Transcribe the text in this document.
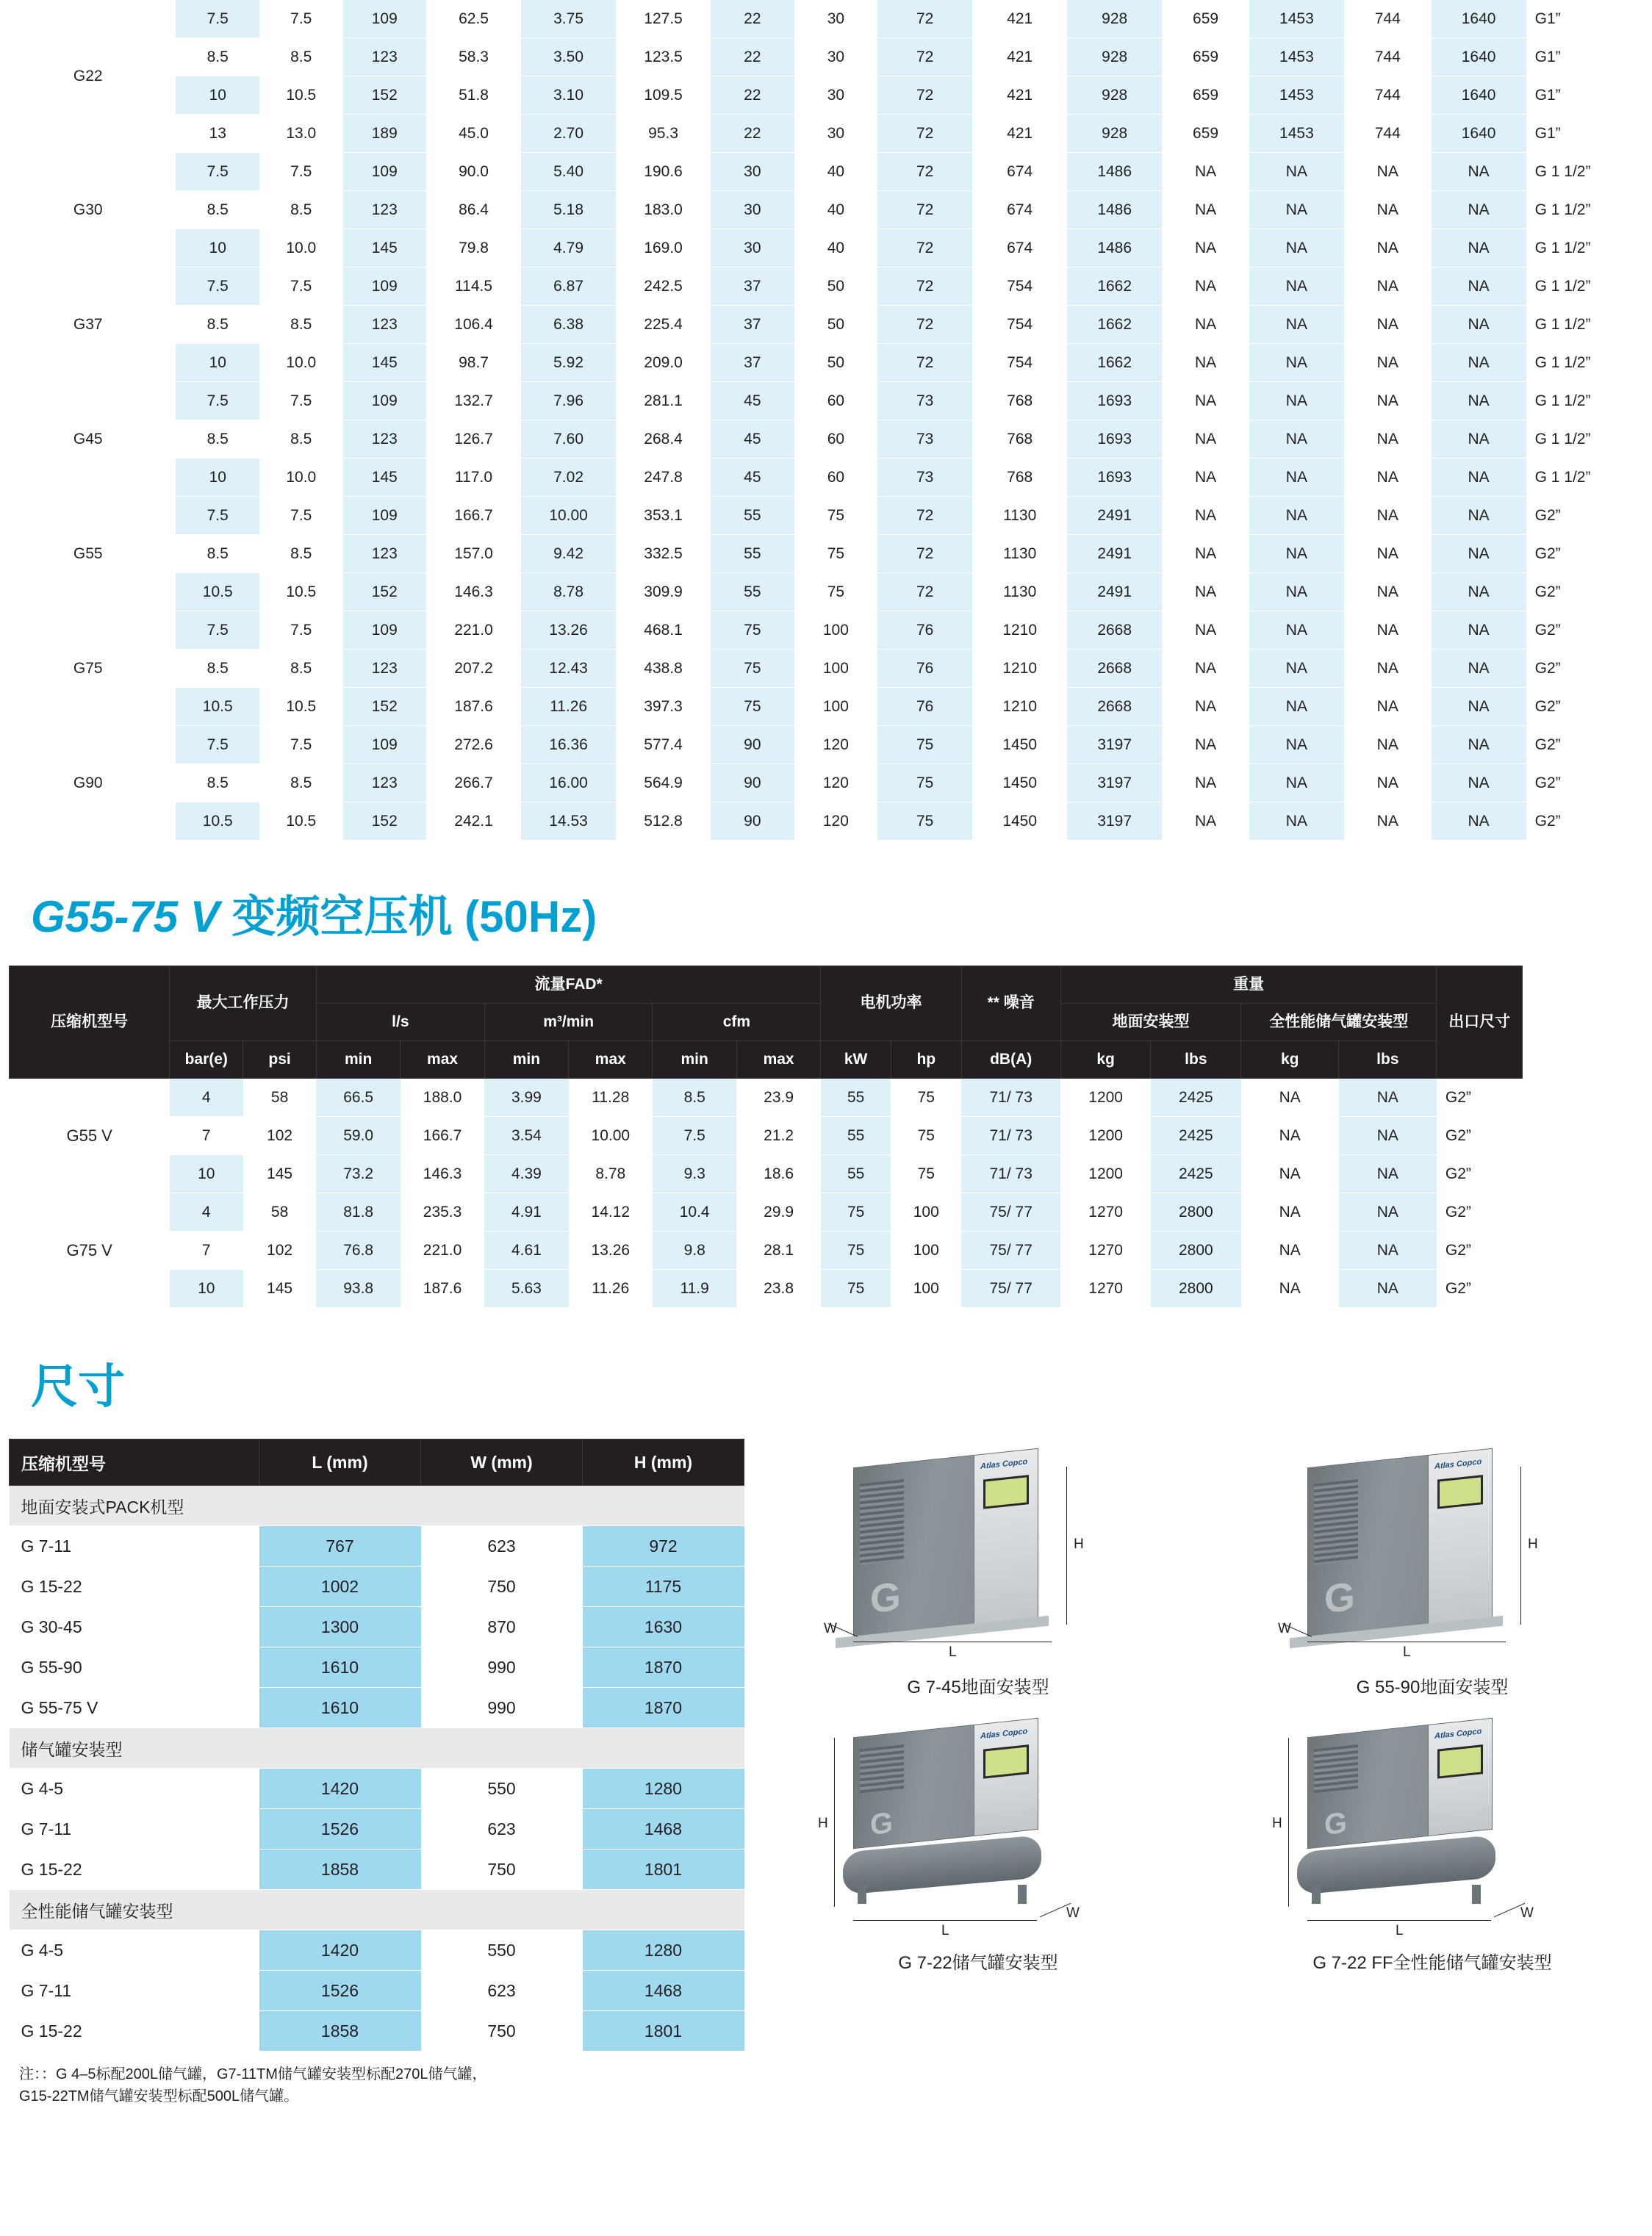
G22	7.5	7.5	109	62.5	3.75	127.5	22	30	72	421	928	659	1453	744	1640	G1”
	8.5	8.5	123	58.3	3.50	123.5	22	30	72	421	928	659	1453	744	1640	G1”
	10	10.5	152	51.8	3.10	109.5	22	30	72	421	928	659	1453	744	1640	G1”
	13	13.0	189	45.0	2.70	95.3	22	30	72	421	928	659	1453	744	1640	G1”
G30	7.5	7.5	109	90.0	5.40	190.6	30	40	72	674	1486	NA	NA	NA	NA	G 1 1/2”
	8.5	8.5	123	86.4	5.18	183.0	30	40	72	674	1486	NA	NA	NA	NA	G 1 1/2”
	10	10.0	145	79.8	4.79	169.0	30	40	72	674	1486	NA	NA	NA	NA	G 1 1/2”
G37	7.5	7.5	109	114.5	6.87	242.5	37	50	72	754	1662	NA	NA	NA	NA	G 1 1/2”
	8.5	8.5	123	106.4	6.38	225.4	37	50	72	754	1662	NA	NA	NA	NA	G 1 1/2”
	10	10.0	145	98.7	5.92	209.0	37	50	72	754	1662	NA	NA	NA	NA	G 1 1/2”
G45	7.5	7.5	109	132.7	7.96	281.1	45	60	73	768	1693	NA	NA	NA	NA	G 1 1/2”
	8.5	8.5	123	126.7	7.60	268.4	45	60	73	768	1693	NA	NA	NA	NA	G 1 1/2”
	10	10.0	145	117.0	7.02	247.8	45	60	73	768	1693	NA	NA	NA	NA	G 1 1/2”
G55	7.5	7.5	109	166.7	10.00	353.1	55	75	72	1130	2491	NA	NA	NA	NA	G2”
	8.5	8.5	123	157.0	9.42	332.5	55	75	72	1130	2491	NA	NA	NA	NA	G2”
	10.5	10.5	152	146.3	8.78	309.9	55	75	72	1130	2491	NA	NA	NA	NA	G2”
G75	7.5	7.5	109	221.0	13.26	468.1	75	100	76	1210	2668	NA	NA	NA	NA	G2”
	8.5	8.5	123	207.2	12.43	438.8	75	100	76	1210	2668	NA	NA	NA	NA	G2”
	10.5	10.5	152	187.6	11.26	397.3	75	100	76	1210	2668	NA	NA	NA	NA	G2”
G90	7.5	7.5	109	272.6	16.36	577.4	90	120	75	1450	3197	NA	NA	NA	NA	G2”
	8.5	8.5	123	266.7	16.00	564.9	90	120	75	1450	3197	NA	NA	NA	NA	G2”
	10.5	10.5	152	242.1	14.53	512.8	90	120	75	1450	3197	NA	NA	NA	NA	G2”
G55-75 V 变频空压机 (50Hz)
压缩机型号	最大工作压力		流量FAD*						电机功率		** 噪音	重量				出口尺寸
			l/s		m³/min		cfm					地面安装型		全性能储气罐安装型		
	bar(e)	psi	min	max	min	max	min	max	kW	hp	dB(A)	kg	lbs	kg	lbs	
G55 V	4	58	66.5	188.0	3.99	11.28	8.5	23.9	55	75	71/ 73	1200	2425	NA	NA	G2”
	7	102	59.0	166.7	3.54	10.00	7.5	21.2	55	75	71/ 73	1200	2425	NA	NA	G2”
	10	145	73.2	146.3	4.39	8.78	9.3	18.6	55	75	71/ 73	1200	2425	NA	NA	G2”
G75 V	4	58	81.8	235.3	4.91	14.12	10.4	29.9	75	100	75/ 77	1270	2800	NA	NA	G2”
	7	102	76.8	221.0	4.61	13.26	9.8	28.1	75	100	75/ 77	1270	2800	NA	NA	G2”
	10	145	93.8	187.6	5.63	11.26	11.9	23.8	75	100	75/ 77	1270	2800	NA	NA	G2”
尺寸
压缩机型号	L (mm)	W (mm)	H (mm)
地面安装式PACK机型			
G 7-11	767	623	972
G 15-22	1002	750	1175
G 30-45	1300	870	1630
G 55-90	1610	990	1870
G 55-75 V	1610	990	1870
储气罐安装型			
G 4-5	1420	550	1280
G 7-11	1526	623	1468
G 15-22	1858	750	1801
全性能储气罐安装型			
G 4-5	1420	550	1280
G 7-11	1526	623	1468
G 15-22	1858	750	1801
注：：G 4–5标配200L储气罐，G7-11TM储气罐安装型标配270L储气罐，
G15-22TM储气罐安装型标配500L储气罐。
Atlas Copco
G
H
L
W
G 7-45地面安装型
Atlas Copco
G
H
L
W
G 55-90地面安装型
Atlas Copco
G
H
L
W
G 7-22储气罐安装型
Atlas Copco
G
H
L
W
G 7-22 FF全性能储气罐安装型
